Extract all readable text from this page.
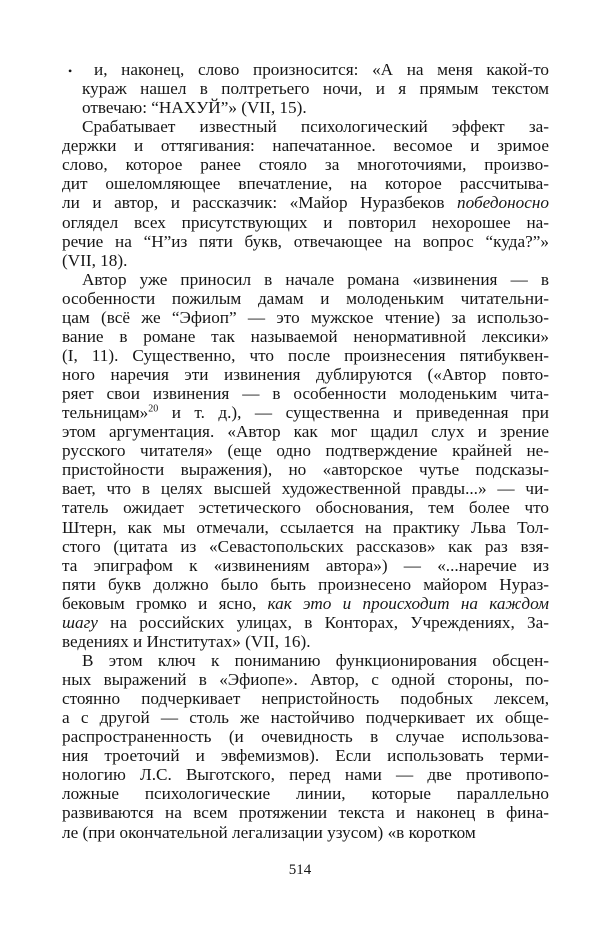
• и, наконец, слово произносится: «А на меня какой-то
кураж нашел в полтретьего ночи, и я прямым текстом
отвечаю: “НАХУЙ”» (VII, 15).
Срабатывает известный психологический эффект за-
держки и оттягивания: напечатанное. весомое и зримое
слово, которое ранее стояло за многоточиями, произво-
дит ошеломляющее впечатление, на которое рассчитыва-
ли и автор, и рассказчик: «Майор Нуразбеков победоносно
оглядел всех присутствующих и повторил нехорошее на-
речие на “Н”из пяти букв, отвечающее на вопрос “куда?”»
(VII, 18).
Автор уже приносил в начале романа «извинения — в
особенности пожилым дамам и молоденьким читательни-
цам (всё же “Эфиоп” — это мужское чтение) за использо-
вание в романе так называемой ненормативной лексики»
(I, 11). Существенно, что после произнесения пятибуквен-
ного наречия эти извинения дублируются («Автор повто-
ряет свои извинения — в особенности молоденьким чита-
тельницам»$^{20}$ и т. д.), — существенна и приведенная при
этом аргументация. «Автор как мог щадил слух и зрение
русского читателя» (еще одно подтверждение крайней не-
пристойности выражения), но «авторское чутье подсказы-
вает, что в целях высшей художественной правды...» — чи-
татель ожидает эстетического обоснования, тем более что
Штерн, как мы отмечали, ссылается на практику Льва Тол-
стого (цитата из «Севастопольских рассказов» как раз взя-
та эпиграфом к «извинениям автора») — «...наречие из
пяти букв должно было быть произнесено майором Нураз-
бековым громко и ясно, как это и происходит на каждом
шагу на российских улицах, в Конторах, Учреждениях, За-
ведениях и Институтах» (VII, 16).
В этом ключ к пониманию функционирования обсцен-
ных выражений в «Эфиопе». Автор, с одной стороны, по-
стоянно подчеркивает непристойность подобных лексем,
а с другой — столь же настойчиво подчеркивает их обще-
распространенность (и очевидность в случае использова-
ния троеточий и эвфемизмов). Если использовать терми-
нологию Л.С. Выготского, перед нами — две противопо-
ложные психологические линии, которые параллельно
развиваются на всем протяжении текста и наконец в фина-
ле (при окончательной легализации узусом) «в коротком
514
